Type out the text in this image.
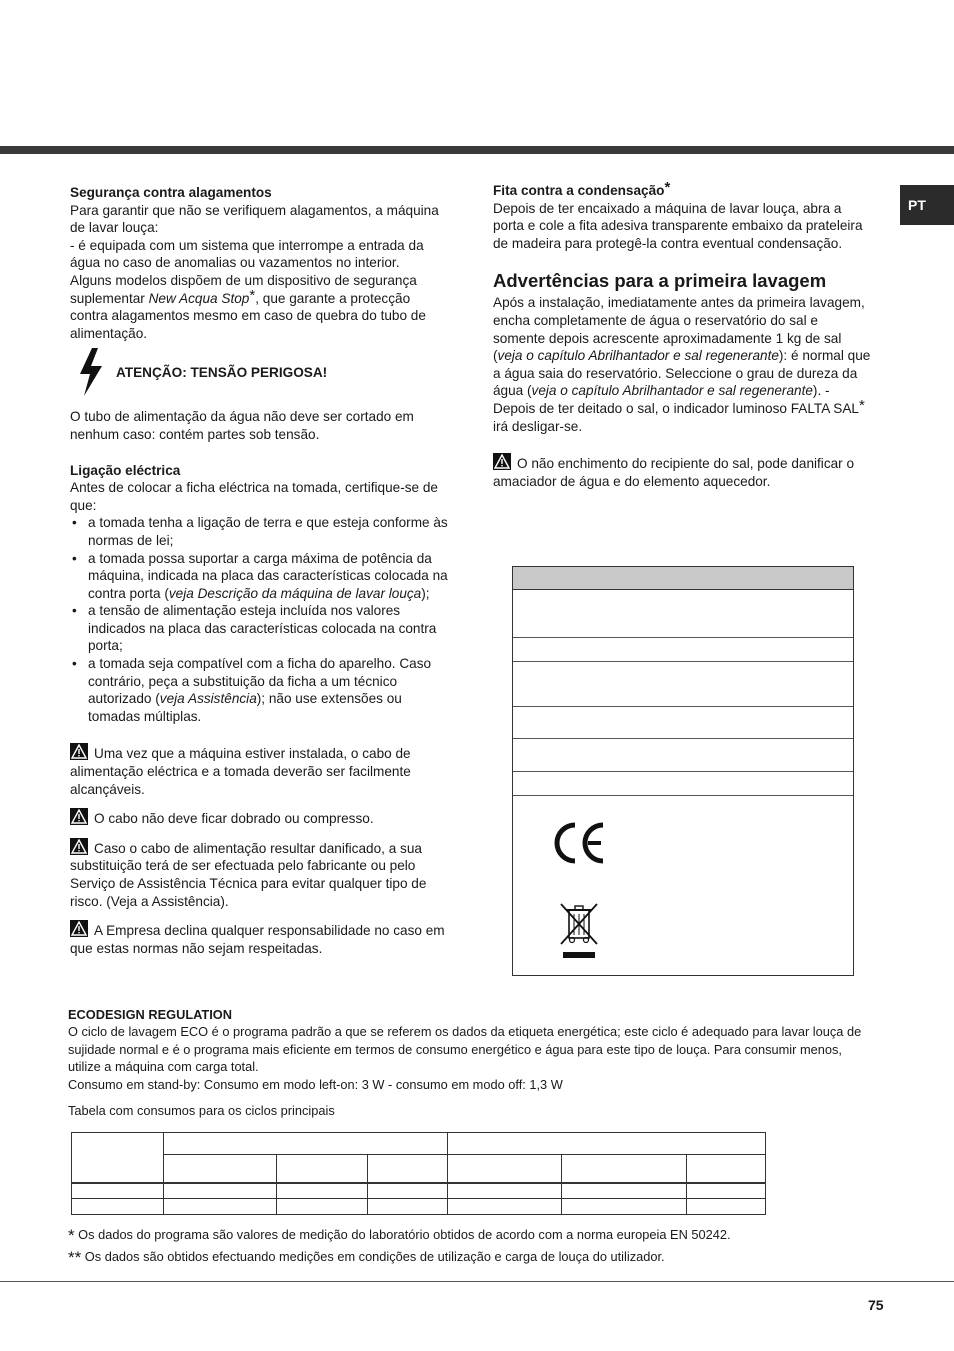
PT
Segurança contra alagamentos

Para garantir que não se verifiquem alagamentos, a máquina de lavar louça:

- é equipada com um sistema que interrompe a entrada da água no caso de anomalias ou vazamentos no interior.

Alguns modelos dispõem de um dispositivo de segurança suplementar New Acqua Stop*, que garante a protecção contra alagamentos mesmo em caso de quebra do tubo de alimentação.

ATENÇÃO: TENSÃO PERIGOSA!

O tubo de alimentação da água não deve ser cortado em nenhum caso: contém partes sob tensão.

Ligação eléctrica

Antes de colocar a ficha eléctrica na tomada, certifique-se de que:

• a tomada tenha a ligação de terra e que esteja conforme às normas de lei;
• a tomada possa suportar a carga máxima de potência da máquina, indicada na placa das características colocada na contra porta (veja Descrição da máquina de lavar louça);
• a tensão de alimentação esteja incluída nos valores indicados na placa das características colocada na contra porta;
• a tomada seja compatível com a ficha do aparelho. Caso contrário, peça a substituição da ficha a um técnico autorizado (veja Assistência); não use extensões ou tomadas múltiplas.

Uma vez que a máquina estiver instalada, o cabo de alimentação eléctrica e a tomada deverão ser facilmente alcançáveis.

O cabo não deve ficar dobrado ou compresso.

Caso o cabo de alimentação resultar danificado, a sua substituição terá de ser efectuada pelo fabricante ou pelo Serviço de Assistência Técnica para evitar qualquer tipo de risco. (Veja a Assistência).

A Empresa declina qualquer responsabilidade no caso em que estas normas não sejam respeitadas.

Fita contra a condensação*

Depois de ter encaixado a máquina de lavar louça, abra a porta e cole a fita adesiva transparente embaixo da prateleira de madeira para protegê-la contra eventual condensação.

Advertências para a primeira lavagem

Após a instalação, imediatamente antes da primeira lavagem, encha completamente de água o reservatório do sal e somente depois acrescente aproximadamente 1 kg de sal (veja o capítulo Abrilhantador e sal regenerante): é normal que a água saia do reservatório. Seleccione o grau de dureza da água (veja o capítulo Abrilhantador e sal regenerante). - Depois de ter deitado o sal, o indicador luminoso FALTA SAL* irá desligar-se.

O não enchimento do recipiente do sal, pode danificar o amaciador de água e do elemento aquecedor.

ECODESIGN REGULATION

O ciclo de lavagem ECO é o programa padrão a que se referem os dados da etiqueta energética; este ciclo é adequado para lavar louça de sujidade normal e é o programa mais eficiente em termos de consumo energético e água para este tipo de louça. Para consumir menos, utilize a máquina com carga total.

Consumo em stand-by: Consumo em modo left-on: 3 W - consumo em modo off: 1,3 W

Tabela com consumos para os ciclos principais
* Os dados do programa são valores de medição do laboratório obtidos de acordo com a norma europeia EN 50242.
** Os dados são obtidos efectuando medições em condições de utilização e carga de louça do utilizador.
75
